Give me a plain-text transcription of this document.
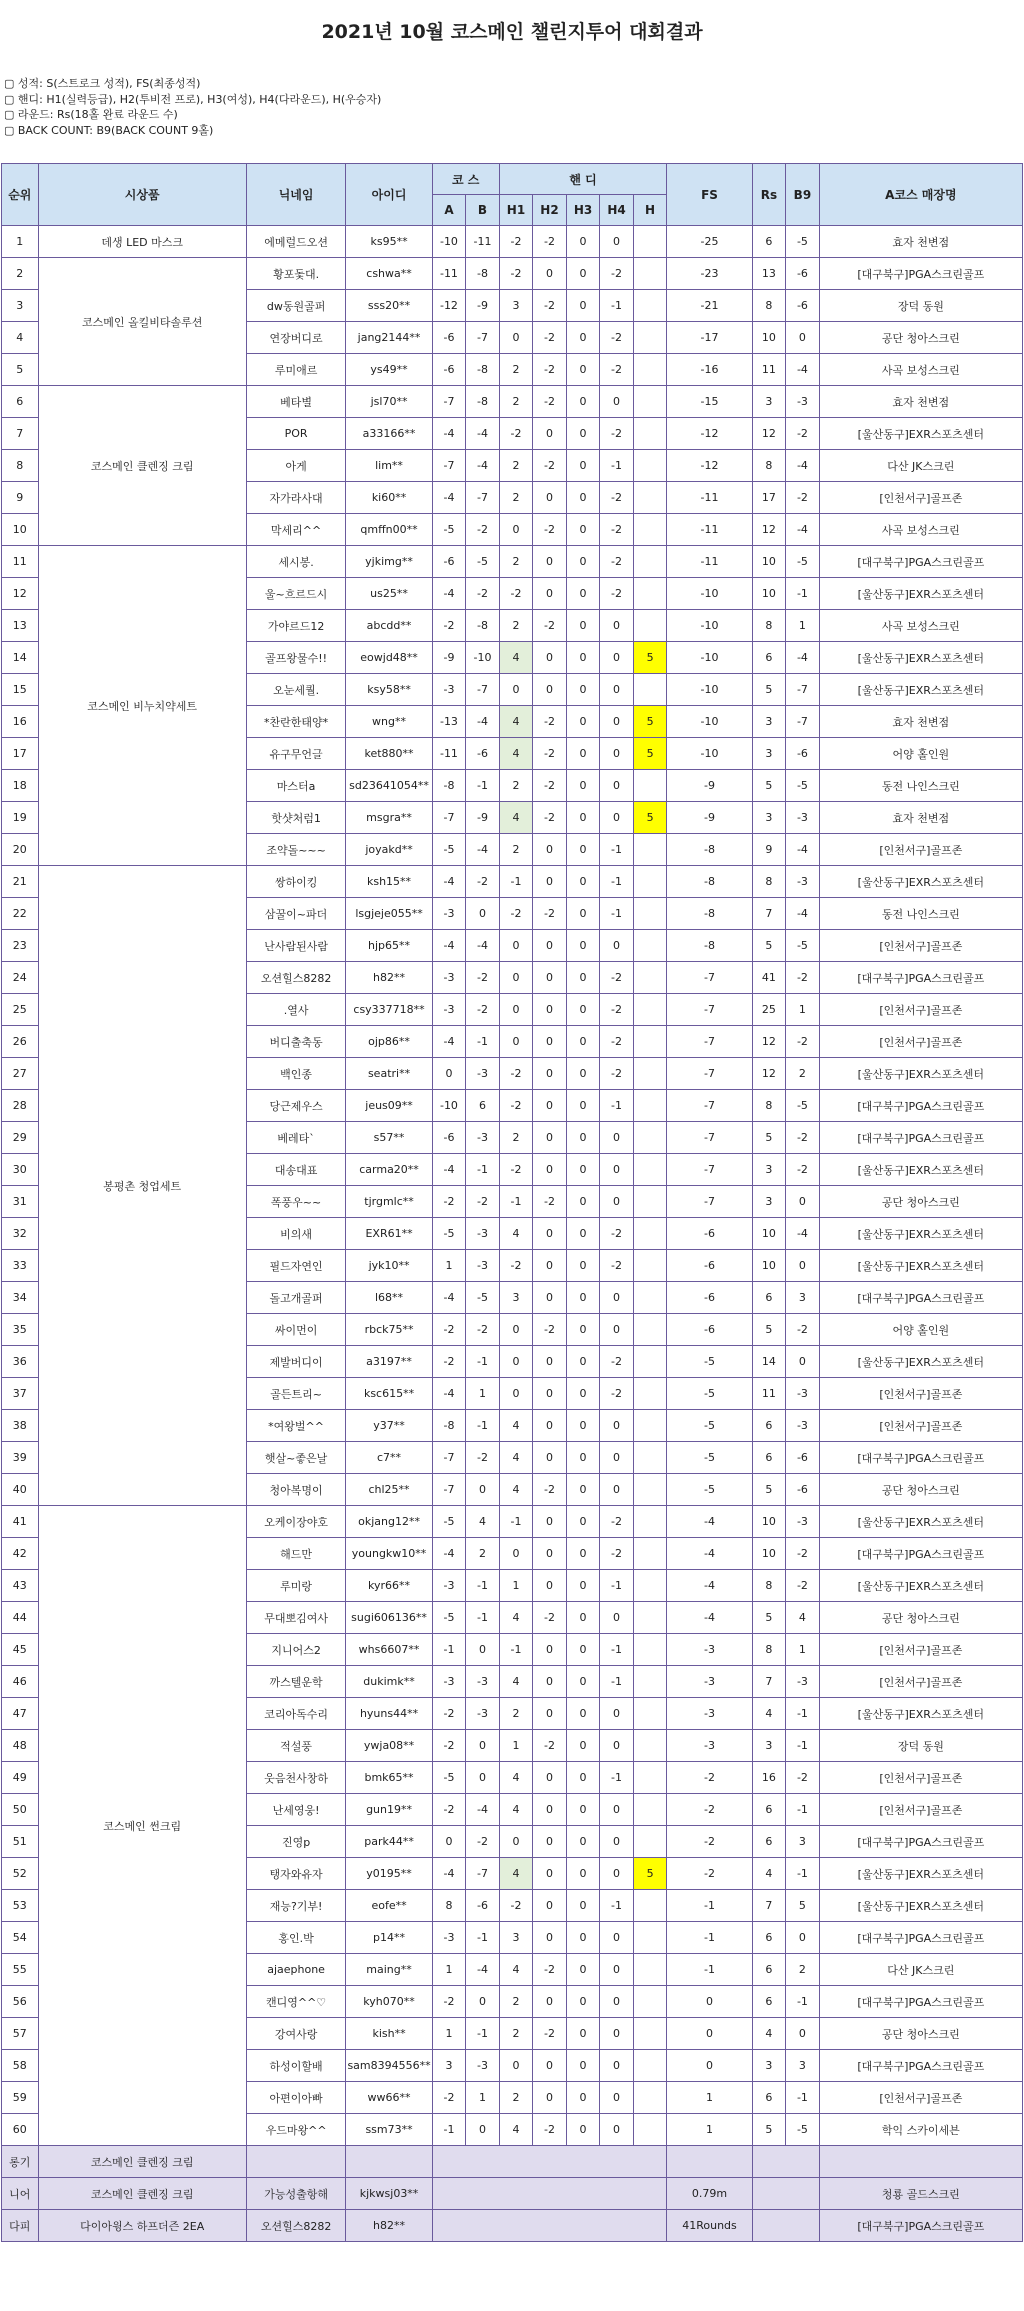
2021년 10월 코스메인 챌린지투어 대회결과
▢ 성적: S(스트로크 성적), FS(최종성적)
▢ 핸디: H1(실력등급), H2(투비전 프로), H3(여성), H4(다라운드), H(우승자)
▢ 라운드: Rs(18홀 완료 라운드 수)
▢ BACK COUNT: B9(BACK COUNT 9홀)
순위	시상품	닉네임	아이디	코 스		핸 디					FS	Rs	B9	A코스 매장명
				A	B	H1	H2	H3	H4	H				
1	데생 LED 마스크	에메럴드오션	ks95**	-10	-11	-2	-2	0	0		-25	6	-5	효자 천변점
2	코스메인 올킬비타솔루션	황포돛대.	cshwa**	-11	-8	-2	0	0	-2		-23	13	-6	[대구북구]PGA스크린골프
3		dw동원골퍼	sss20**	-12	-9	3	-2	0	-1		-21	8	-6	장덕 동원
4		연장버디로	jang2144**	-6	-7	0	-2	0	-2		-17	10	0	공단 청아스크린
5		루미애르	ys49**	-6	-8	2	-2	0	-2		-16	11	-4	사곡 보성스크린
6	코스메인 클렌징 크림	베타별	jsl70**	-7	-8	2	-2	0	0		-15	3	-3	효자 천변점
7		POR	a33166**	-4	-4	-2	0	0	-2		-12	12	-2	[울산동구]EXR스포츠센터
8		아게	lim**	-7	-4	2	-2	0	-1		-12	8	-4	다산 JK스크린
9		자가라사대	ki60**	-4	-7	2	0	0	-2		-11	17	-2	[인천서구]골프존
10		막세리^^	qmffn00**	-5	-2	0	-2	0	-2		-11	12	-4	사곡 보성스크린
11	코스메인 비누치약세트	세시봉.	yjkimg**	-6	-5	2	0	0	-2		-11	10	-5	[대구북구]PGA스크린골프
12		울~흐르드시	us25**	-4	-2	-2	0	0	-2		-10	10	-1	[울산동구]EXR스포츠센터
13		가야르드12	abcdd**	-2	-8	2	-2	0	0		-10	8	1	사곡 보성스크린
14		골프왕물수!!	eowjd48**	-9	-10	4	0	0	0	5	-10	6	-4	[울산동구]EXR스포츠센터
15		오눈세퀄.	ksy58**	-3	-7	0	0	0	0		-10	5	-7	[울산동구]EXR스포츠센터
16		*찬란한태양*	wng**	-13	-4	4	-2	0	0	5	-10	3	-7	효자 천변점
17		유구무언글	ket880**	-11	-6	4	-2	0	0	5	-10	3	-6	어양 홀인원
18		마스터a	sd23641054**	-8	-1	2	-2	0	0		-9	5	-5	동전 나인스크린
19		핫샷처럼1	msgra**	-7	-9	4	-2	0	0	5	-9	3	-3	효자 천변점
20		조약돌~~~	joyakd**	-5	-4	2	0	0	-1		-8	9	-4	[인천서구]골프존
21	봉평촌 청업세트	쌍하이킹	ksh15**	-4	-2	-1	0	0	-1		-8	8	-3	[울산동구]EXR스포츠센터
22		삼꿀이~파더	lsgjeje055**	-3	0	-2	-2	0	-1		-8	7	-4	동전 나인스크린
23		난사람된사람	hjp65**	-4	-4	0	0	0	0		-8	5	-5	[인천서구]골프존
24		오션힐스8282	h82**	-3	-2	0	0	0	-2		-7	41	-2	[대구북구]PGA스크린골프
25		.열사	csy337718**	-3	-2	0	0	0	-2		-7	25	1	[인천서구]골프존
26		버디출축동	ojp86**	-4	-1	0	0	0	-2		-7	12	-2	[인천서구]골프존
27		백인종	seatri**	0	-3	-2	0	0	-2		-7	12	2	[울산동구]EXR스포츠센터
28		당근제우스	jeus09**	-10	6	-2	0	0	-1		-7	8	-5	[대구북구]PGA스크린골프
29		베레타`	s57**	-6	-3	2	0	0	0		-7	5	-2	[대구북구]PGA스크린골프
30		대송대표	carma20**	-4	-1	-2	0	0	0		-7	3	-2	[울산동구]EXR스포츠센터
31		폭풍우~~	tjrgmlc**	-2	-2	-1	-2	0	0		-7	3	0	공단 청아스크린
32		비의새	EXR61**	-5	-3	4	0	0	-2		-6	10	-4	[울산동구]EXR스포츠센터
33		필드자연인	jyk10**	1	-3	-2	0	0	-2		-6	10	0	[울산동구]EXR스포츠센터
34		돌고개골퍼	l68**	-4	-5	3	0	0	0		-6	6	3	[대구북구]PGA스크린골프
35		싸이먼이	rbck75**	-2	-2	0	-2	0	0		-6	5	-2	어양 홀인원
36		제발버디이	a3197**	-2	-1	0	0	0	-2		-5	14	0	[울산동구]EXR스포츠센터
37		골든트리~	ksc615**	-4	1	0	0	0	-2		-5	11	-3	[인천서구]골프존
38		*여왕벌^^	y37**	-8	-1	4	0	0	0		-5	6	-3	[인천서구]골프존
39		햇살~좋은날	c7**	-7	-2	4	0	0	0		-5	6	-6	[대구북구]PGA스크린골프
40		청아복명이	chl25**	-7	0	4	-2	0	0		-5	5	-6	공단 청아스크린
41	코스메인 썬크림	오케이장야호	okjang12**	-5	4	-1	0	0	-2		-4	10	-3	[울산동구]EXR스포츠센터
42		해드만	youngkw10**	-4	2	0	0	0	-2		-4	10	-2	[대구북구]PGA스크린골프
43		루미랑	kyr66**	-3	-1	1	0	0	-1		-4	8	-2	[울산동구]EXR스포츠센터
44		무대뽀김여사	sugi606136**	-5	-1	4	-2	0	0		-4	5	4	공단 청아스크린
45		지니어스2	whs6607**	-1	0	-1	0	0	-1		-3	8	1	[인천서구]골프존
46		까스텔운학	dukimk**	-3	-3	4	0	0	-1		-3	7	-3	[인천서구]골프존
47		코리아독수리	hyuns44**	-2	-3	2	0	0	0		-3	4	-1	[울산동구]EXR스포츠센터
48		적설풍	ywja08**	-2	0	1	-2	0	0		-3	3	-1	장덕 동원
49		웃음천사창하	bmk65**	-5	0	4	0	0	-1		-2	16	-2	[인천서구]골프존
50		난세영웅!	gun19**	-2	-4	4	0	0	0		-2	6	-1	[인천서구]골프존
51		진영p	park44**	0	-2	0	0	0	0		-2	6	3	[대구북구]PGA스크린골프
52		탱자와유자	y0195**	-4	-7	4	0	0	0	5	-2	4	-1	[울산동구]EXR스포츠센터
53		재능?기부!	eofe**	8	-6	-2	0	0	-1		-1	7	5	[울산동구]EXR스포츠센터
54		홍인.박	p14**	-3	-1	3	0	0	0		-1	6	0	[대구북구]PGA스크린골프
55		ajaephone	maing**	1	-4	4	-2	0	0		-1	6	2	다산 JK스크린
56		캔디영^^♡	kyh070**	-2	0	2	0	0	0		0	6	-1	[대구북구]PGA스크린골프
57		강여사랑	kish**	1	-1	2	-2	0	0		0	4	0	공단 청아스크린
58		하성이할배	sam8394556**	3	-3	0	0	0	0		0	3	3	[대구북구]PGA스크린골프
59		아편이아빠	ww66**	-2	1	2	0	0	0		1	6	-1	[인천서구]골프존
60		우드마왕^^	ssm73**	-1	0	4	-2	0	0		1	5	-5	학익 스카이세븐
롱기	코스메인 클렌징 크림													
니어	코스메인 클렌징 크림	가능성출항해	kjkwsj03**								0.79m			청룡 골드스크린
다피	다이아윙스 하프더즌 2EA	오션힐스8282	h82**								41Rounds			[대구북구]PGA스크린골프
